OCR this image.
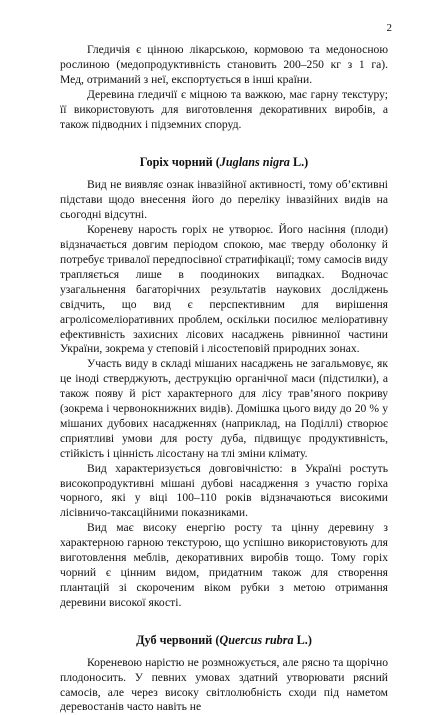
2

Гледичія є цінною лікарською, кормовою та медоносною рослиною (медопродуктивність становить 200–250 кг з 1 га). Мед, отриманий з неї, експортується в інші країни.

Деревина гледичії є міцною та важкою, має гарну текстуру; її використовують для виготовлення декоративних виробів, а також підводних і підземних споруд.

Горіх чорний (Juglans nigra L.)

Вид не виявляє ознак інвазійної активності, тому об’єктивні підстави щодо внесення його до переліку інвазійних видів на сьогодні відсутні.

Кореневу нарость горіх не утворює. Його насіння (плоди) відзначається довгим періодом спокою, має тверду оболонку й потребує тривалої передпосівної стратифікації; тому самосів виду трапляється лише в поодиноких випадках. Водночас узагальнення багаторічних результатів наукових досліджень свідчить, що вид є перспективним для вирішення агролісомеліоративних проблем, оскільки посилює меліоративну ефективність захисних лісових насаджень рівнинної частини України, зокрема у степовій і лісостеповій природних зонах.

Участь виду в складі мішаних насаджень не загальмовує, як це іноді стверджують, деструкцію органічної маси (підстилки), а також появу й ріст характерного для лісу трав’яного покриву (зокрема і червонокнижних видів). Домішка цього виду до 20 % у мішаних дубових насадженнях (наприклад, на Поділлі) створює сприятливі умови для росту дуба, підвищує продуктивність, стійкість і цінність лісостану на тлі зміни клімату.

Вид характеризується довговічністю: в Україні ростуть високопродуктивні мішані дубові насадження з участю горіха чорного, які у віці 100–110 років відзначаються високими лісівничо-таксаційними показниками.

Вид має високу енергію росту та цінну деревину з характерною гарною текстурою, що успішно використовують для виготовлення меблів, декоративних виробів тощо. Тому горіх чорний є цінним видом, придатним також для створення плантацій зі скороченим віком рубки з метою отримання деревини високої якості.

Дуб червоний (Quercus rubra L.)

Кореневою нарістю не розмножується, але рясно та щорічно плодоносить. У певних умовах здатний утворювати рясний самосів, але через високу світлолюбність сходи під наметом деревостанів часто навіть не
